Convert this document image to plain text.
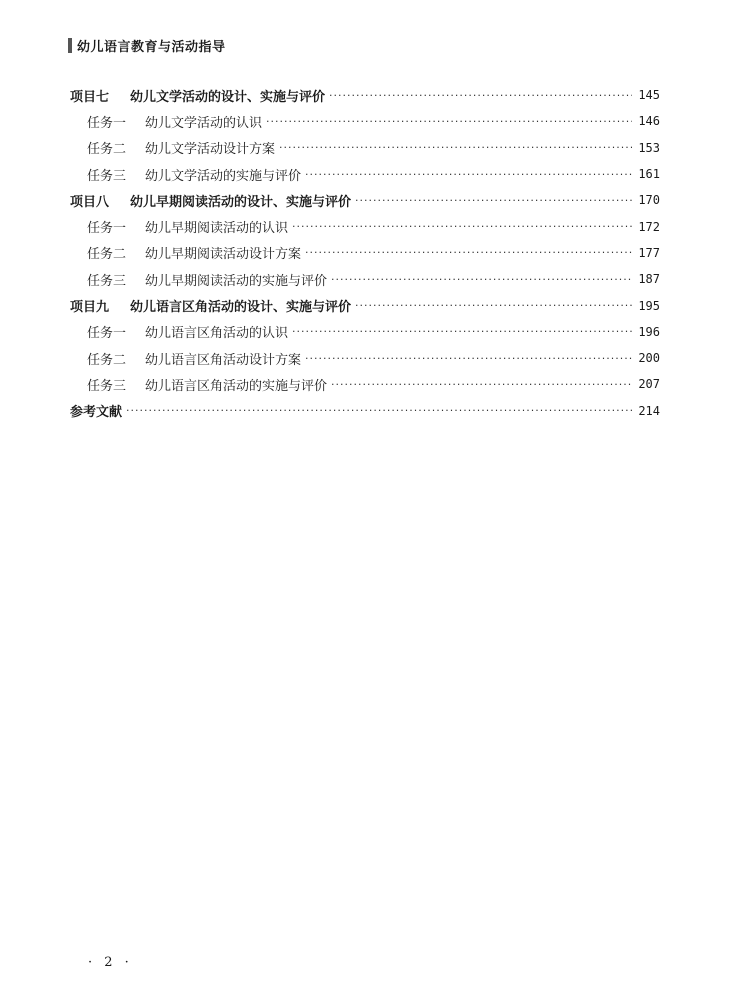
幼儿语言教育与活动指导
项目七	幼儿文学活动的设计、实施与评价 ·····	145
任务一	幼儿文学活动的认识 ·····	146
任务二	幼儿文学活动设计方案 ·····	153
任务三	幼儿文学活动的实施与评价 ·····	161
项目八	幼儿早期阅读活动的设计、实施与评价 ·····	170
任务一	幼儿早期阅读活动的认识 ·····	172
任务二	幼儿早期阅读活动设计方案 ·····	177
任务三	幼儿早期阅读活动的实施与评价 ·····	187
项目九	幼儿语言区角活动的设计、实施与评价 ·····	195
任务一	幼儿语言区角活动的认识 ·····	196
任务二	幼儿语言区角活动设计方案 ·····	200
任务三	幼儿语言区角活动的实施与评价 ·····	207
参考文献 ·····	214
· 2 ·
